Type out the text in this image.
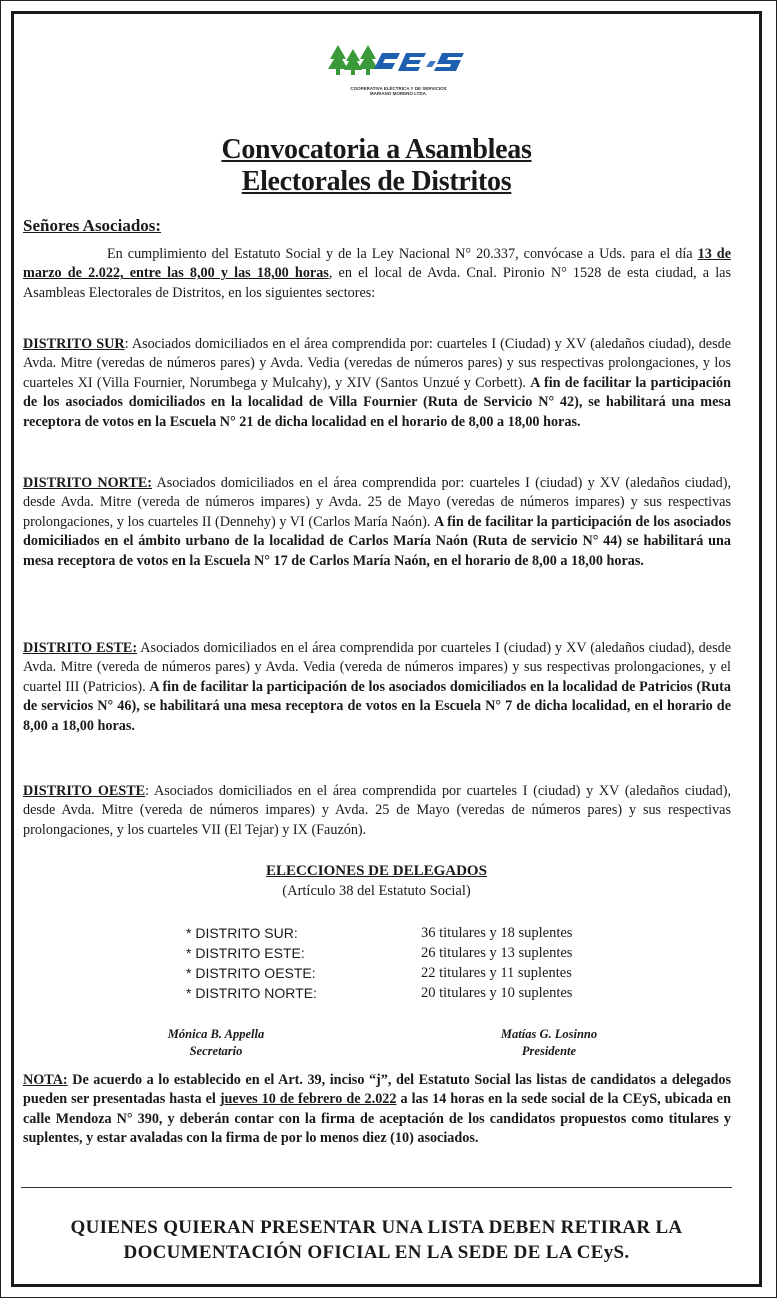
COOPERATIVA ELÉCTRICA Y DE SERVICIOS
MARIANO MORENO LTDA.
Convocatoria a Asambleas
Electorales de Distritos
Señores Asociados:
En cumplimiento del Estatuto Social y de la Ley Nacional N° 20.337, convócase a Uds. para el día 13 de marzo de 2.022, entre las 8,00 y las 18,00 horas, en el local de Avda. Cnal. Pironio N° 1528 de esta ciudad, a las Asambleas Electorales de Distritos, en los siguientes sectores:
DISTRITO SUR: Asociados domiciliados en el área comprendida por: cuarteles I (Ciudad) y XV (aledaños ciudad), desde Avda. Mitre (veredas de números pares) y Avda. Vedia (veredas de números pares) y sus respectivas prolongaciones, y los cuarteles XI (Villa Fournier, Norumbega y Mulcahy), y XIV (Santos Unzué y Corbett). A fin de facilitar la participación de los asociados domiciliados en la localidad de Villa Fournier (Ruta de Servicio N° 42), se habilitará una mesa receptora de votos en la Escuela N° 21 de dicha localidad en el horario de 8,00 a 18,00 horas.
DISTRITO NORTE: Asociados domiciliados en el área comprendida por: cuarteles I (ciudad) y XV (aledaños ciudad), desde Avda. Mitre (vereda de números impares) y Avda. 25 de Mayo (veredas de números impares) y sus respectivas prolongaciones, y los cuarteles II (Dennehy) y VI (Carlos María Naón). A fin de facilitar la participación de los asociados domiciliados en el ámbito urbano de la localidad de Carlos María Naón (Ruta de servicio N° 44) se habilitará una mesa receptora de votos en la Escuela N° 17 de Carlos María Naón, en el horario de 8,00 a 18,00 horas.
DISTRITO ESTE: Asociados domiciliados en el área comprendida por cuarteles I (ciudad) y XV (aledaños ciudad), desde Avda. Mitre (vereda de números pares) y Avda. Vedia (vereda de números impares) y sus respectivas prolongaciones, y el cuartel III (Patricios). A fin de facilitar la participación de los asociados domiciliados en la localidad de Patricios (Ruta de servicios N° 46), se habilitará una mesa receptora de votos en la Escuela N° 7 de dicha localidad, en el horario de 8,00 a 18,00 horas.
DISTRITO OESTE: Asociados domiciliados en el área comprendida por cuarteles I (ciudad) y XV (aledaños ciudad), desde Avda. Mitre (vereda de números impares) y Avda. 25 de Mayo (veredas de números pares) y sus respectivas prolongaciones, y los cuarteles VII (El Tejar) y IX (Fauzón).
ELECCIONES DE DELEGADOS
(Artículo 38 del Estatuto Social)
* DISTRITO SUR:	36 titulares y 18 suplentes
* DISTRITO ESTE:	26 titulares y 13 suplentes
* DISTRITO OESTE:	22 titulares y 11 suplentes
* DISTRITO NORTE:	20 titulares y 10 suplentes
Mónica B. Appella
Secretario
Matías G. Losinno
Presidente
NOTA: De acuerdo a lo establecido en el Art. 39, inciso “j”, del Estatuto Social las listas de candidatos a delegados pueden ser presentadas hasta el jueves 10 de febrero de 2.022 a las 14 horas en la sede social de la CEyS, ubicada en calle Mendoza N° 390, y deberán contar con la firma de aceptación de los candidatos propuestos como titulares y suplentes, y estar avaladas con la firma de por lo menos diez (10) asociados.
QUIENES QUIERAN PRESENTAR UNA LISTA DEBEN RETIRAR LA
DOCUMENTACIÓN OFICIAL EN LA SEDE DE LA CEyS.
